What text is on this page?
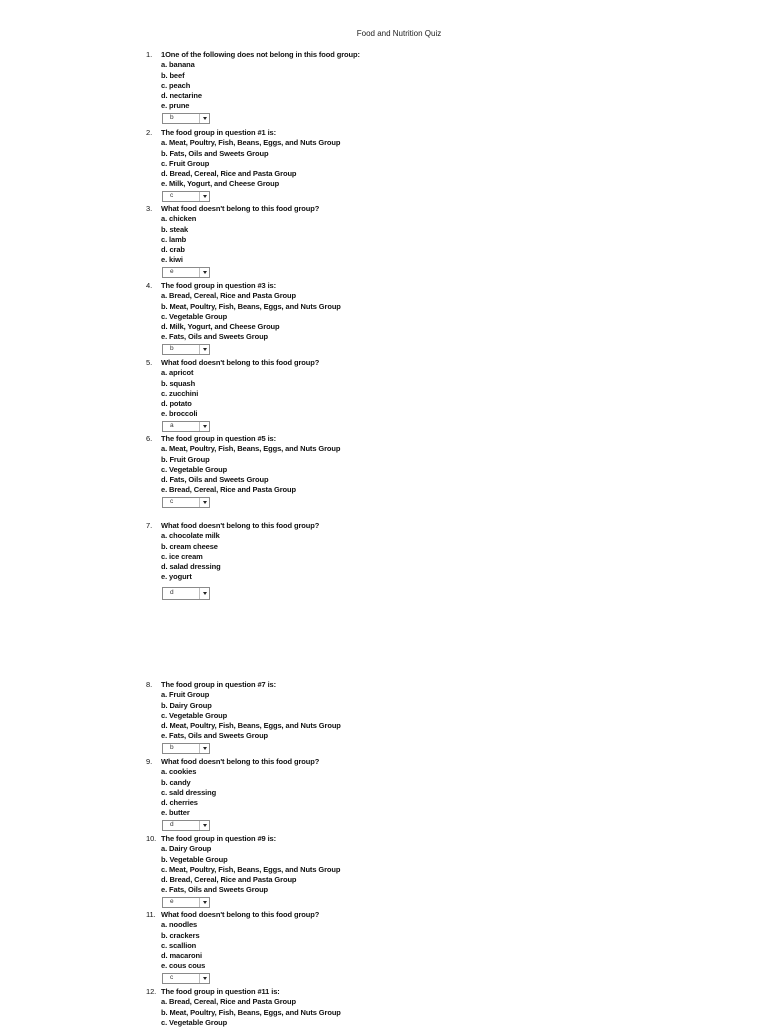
Food and Nutrition Quiz
1.	1One of the following does not belong in this food group:
a. banana
b. beef
c. peach
d. nectarine
e. prune
b
2.	The food group in question #1 is:
a. Meat, Poultry, Fish, Beans, Eggs, and Nuts Group
b. Fats, Oils and Sweets Group
c. Fruit Group
d. Bread, Cereal, Rice and Pasta Group
e. Milk, Yogurt, and Cheese Group
c
3.	What food doesn't belong to this food group?
a. chicken
b. steak
c. lamb
d. crab
e. kiwi
e
4.	The food group in question #3 is:
a. Bread, Cereal, Rice and Pasta Group
b. Meat, Poultry, Fish, Beans, Eggs, and Nuts Group
c. Vegetable Group
d. Milk, Yogurt, and Cheese Group
e. Fats, Oils and Sweets Group
b
5.	What food doesn't belong to this food group?
a. apricot
b. squash
c. zucchini
d. potato
e. broccoli
a
6.	The food group in question #5 is:
a. Meat, Poultry, Fish, Beans, Eggs, and Nuts Group
b. Fruit Group
c. Vegetable Group
d. Fats, Oils and Sweets Group
e. Bread, Cereal, Rice and Pasta Group
c
7.	What food doesn't belong to this food group?
a. chocolate milk
b. cream cheese
c. ice cream
d. salad dressing
e. yogurt
d
8.	The food group in question #7 is:
a. Fruit Group
b. Dairy Group
c. Vegetable Group
d. Meat, Poultry, Fish, Beans, Eggs, and Nuts Group
e. Fats, Oils and Sweets Group
b
9.	What food doesn't belong to this food group?
a. cookies
b. candy
c. sald dressing
d. cherries
e. butter
d
10. The food group in question #9 is:
a. Dairy Group
b. Vegetable Group
c. Meat, Poultry, Fish, Beans, Eggs, and Nuts Group
d. Bread, Cereal, Rice and Pasta Group
e. Fats, Oils and Sweets Group
e
11. What food doesn't belong to this food group?
a. noodles
b. crackers
c. scallion
d. macaroni
e. cous cous
c
12. The food group in question #11 is:
a. Bread, Cereal, Rice and Pasta Group
b. Meat, Poultry, Fish, Beans, Eggs, and Nuts Group
c. Vegetable Group
